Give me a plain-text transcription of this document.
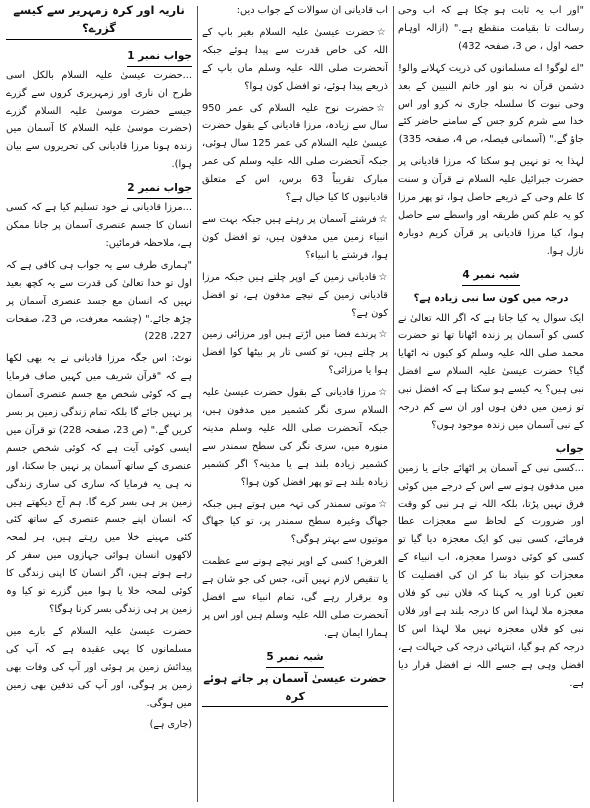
"اور اب یہ ثابت ہو چکا ہے کہ اب وحی رسالت تا بقیامت منقطع ہے." (ازالہ اوہام حصہ اول ، ص 3، صفحہ 432)

"اے لوگو! اے مسلمانوں کی ذریت کہلانے والو! دشمن قرآن نہ بنو اور خاتم النبیین کے بعد وحی نبوت کا سلسلہ جاری نہ کرو اور اس خدا سے شرم کرو جس کے سامنے حاضر کئے جاؤ گے." (آسمانی فیصلہ، ص 4، صفحہ 335)

لہذا یہ تو نہیں ہو سکتا کہ مرزا قادیانی پر حضرت جبرائیل علیہ السلام نے قرآن و سنت کا علم وحی کے ذریعے حاصل ہوا، تو پھر مرزا کو یہ علم کس طریقہ اور واسطے سے حاصل ہوا، کیا مرزا قادیانی پر قرآن کریم دوبارہ نازل ہوا.

شبہ نمبر 4
درجہ میں کون سا نبی زیادہ ہے؟

ایک سوال یہ کیا جاتا ہے کہ اگر اللہ تعالیٰ نے کسی کو آسمان پر زندہ اٹھانا تھا تو حضرت محمد صلی اللہ علیہ وسلم کو کیوں نہ اٹھایا گیا؟ حضرت عیسیٰ علیہ السلام سے افضل نبی ہیں؟ یہ کیسے ہو سکتا ہے کہ افضل نبی تو زمین میں دفن ہوں اور ان سے کم درجہ کے نبی آسمان میں زندہ موجود ہوں؟

جواب

...کسی نبی کے آسمان پر اٹھائے جانے یا زمین میں مدفون ہونے سے اس کے درجے میں کوئی فرق نہیں پڑتا، بلکہ اللہ نے ہر نبی کو وقت اور ضرورت کے لحاظ سے معجزات عطا فرمائے، کسی نبی کو ایک معجزہ دیا گیا تو کسی کو کوئی دوسرا معجزہ، اب انبیاء کے معجزات کو بنیاد بنا کر ان کی افضلیت کا تعین کرنا اور یہ کہنا کہ فلاں نبی کو فلاں معجزہ ملا لہذا اس کا درجہ بلند ہے اور فلاں نبی کو فلاں معجزہ نہیں ملا لہذا اس کا درجہ کم ہو گیا، انتہائی درجہ کی جہالت ہے، افضل وہی ہے جسے اللہ نے افضل قرار دیا ہے.

اب قادیانی ان سوالات کے جواب دیں:

☆ حضرت عیسیٰ علیہ السلام بغیر باپ کے اللہ کی خاص قدرت سے پیدا ہوئے جبکہ آنحضرت صلی اللہ علیہ وسلم ماں باپ کے ذریعے پیدا ہوئے، تو افضل کون ہوا؟

☆ حضرت نوح علیہ السلام کی عمر 950 سال سے زیادہ، مرزا قادیانی کے بقول حضرت عیسیٰ علیہ السلام کی عمر 125 سال ہوئی، جبکہ آنحضرت صلی اللہ علیہ وسلم کی عمر مبارک تقریباً 63 برس، اس کے متعلق قادیانیوں کا کیا خیال ہے؟

☆ فرشتے آسمان پر رہتے ہیں جبکہ بہت سے انبیاء زمین میں مدفون ہیں، تو افضل کون ہوا، فرشتے یا انبیاء؟

☆ قادیانی زمین کے اوپر چلتے ہیں جبکہ مرزا قادیانی زمین کے نیچے مدفون ہے، تو افضل کون ہے؟

☆ پرندے فضا میں اڑتے ہیں اور مرزائی زمین پر چلتے ہیں، تو کسی تار پر بیٹھا کوا افضل ہوا یا مرزائی؟

☆ مرزا قادیانی کے بقول حضرت عیسیٰ علیہ السلام سری نگر کشمیر میں مدفون ہیں، جبکہ آنحضرت صلی اللہ علیہ وسلم مدینہ منورہ میں، سری نگر کی سطح سمندر سے کشمیر زیادہ بلند ہے یا مدینہ؟ اگر کشمیر زیادہ بلند ہے تو پھر افضل کون ہوا؟

☆ موتی سمندر کی تہہ میں ہوتے ہیں جبکہ جھاگ وغیرہ سطح سمندر پر، تو کیا جھاگ موتیوں سے بہتر ہوگی؟

الغرض! کسی کے اوپر نیچے ہونے سے عظمت یا تنقیص لازم نہیں آتی، جس کی جو شان ہے وہ برقرار رہے گی، تمام انبیاء سے افضل آنحضرت صلی اللہ علیہ وسلم ہیں اور اس پر ہمارا ایمان ہے.

شبہ نمبر 5
حضرت عیسیٰ آسمان پر جاتے ہوئے کرہ
ناریہ اور کرہ زمہریر سے کیسے گزرے؟
جواب نمبر 1

...حضرت عیسیٰ علیہ السلام بالکل اسی طرح ان ناری اور زمہریری کروں سے گزرے جیسے حضرت موسیٰ علیہ السلام گزرے (حضرت موسیٰ علیہ السلام کا آسمان میں زندہ ہونا مرزا قادیانی کی تحریروں سے بیان ہوا).

جواب نمبر 2

...مرزا قادیانی نے خود تسلیم کیا ہے کہ کسی انسان کا جسم عنصری آسمان پر جانا ممکن ہے، ملاحظہ فرمائیں:

"ہماری طرف سے یہ جواب ہی کافی ہے کہ اول تو خدا تعالیٰ کی قدرت سے یہ کچھ بعید نہیں کہ انسان مع جسد عنصری آسمان پر چڑھ جائے." (چشمہ معرفت، ص 23، صفحات 227، 228)

نوٹ: اس جگہ مرزا قادیانی نے یہ بھی لکھا ہے کہ "قرآن شریف میں کہیں صاف فرمایا ہے کہ کوئی شخص مع جسم عنصری آسمان پر نہیں جائے گا بلکہ تمام زندگی زمین پر بسر کریں گے." (ص 23، صفحہ 228) تو قرآن میں ایسی کوئی آیت ہے کہ کوئی شخص جسم عنصری کے ساتھ آسمان پر نہیں جا سکتا، اور نہ ہی یہ فرمایا کہ ساری کی ساری زندگی زمین پر ہی بسر کرے گا. ہم آج دیکھتے ہیں کہ انسان اپنے جسم عنصری کے ساتھ کئی کئی مہینے خلا میں رہتے ہیں، ہر لمحہ لاکھوں انسان ہوائی جہازوں میں سفر کر رہے ہوتے ہیں، اگر انسان کا اپنی زندگی کا کوئی لمحہ خلا یا ہوا میں گزرے تو کیا وہ زمین پر ہی زندگی بسر کرنا ہوگا؟

حضرت عیسیٰ علیہ السلام کے بارے میں مسلمانوں کا یہی عقیدہ ہے کہ آپ کی پیدائش زمین پر ہوئی اور آپ کی وفات بھی زمین پر ہوگی، اور آپ کی تدفین بھی زمین میں ہوگی.

(جاری ہے)
